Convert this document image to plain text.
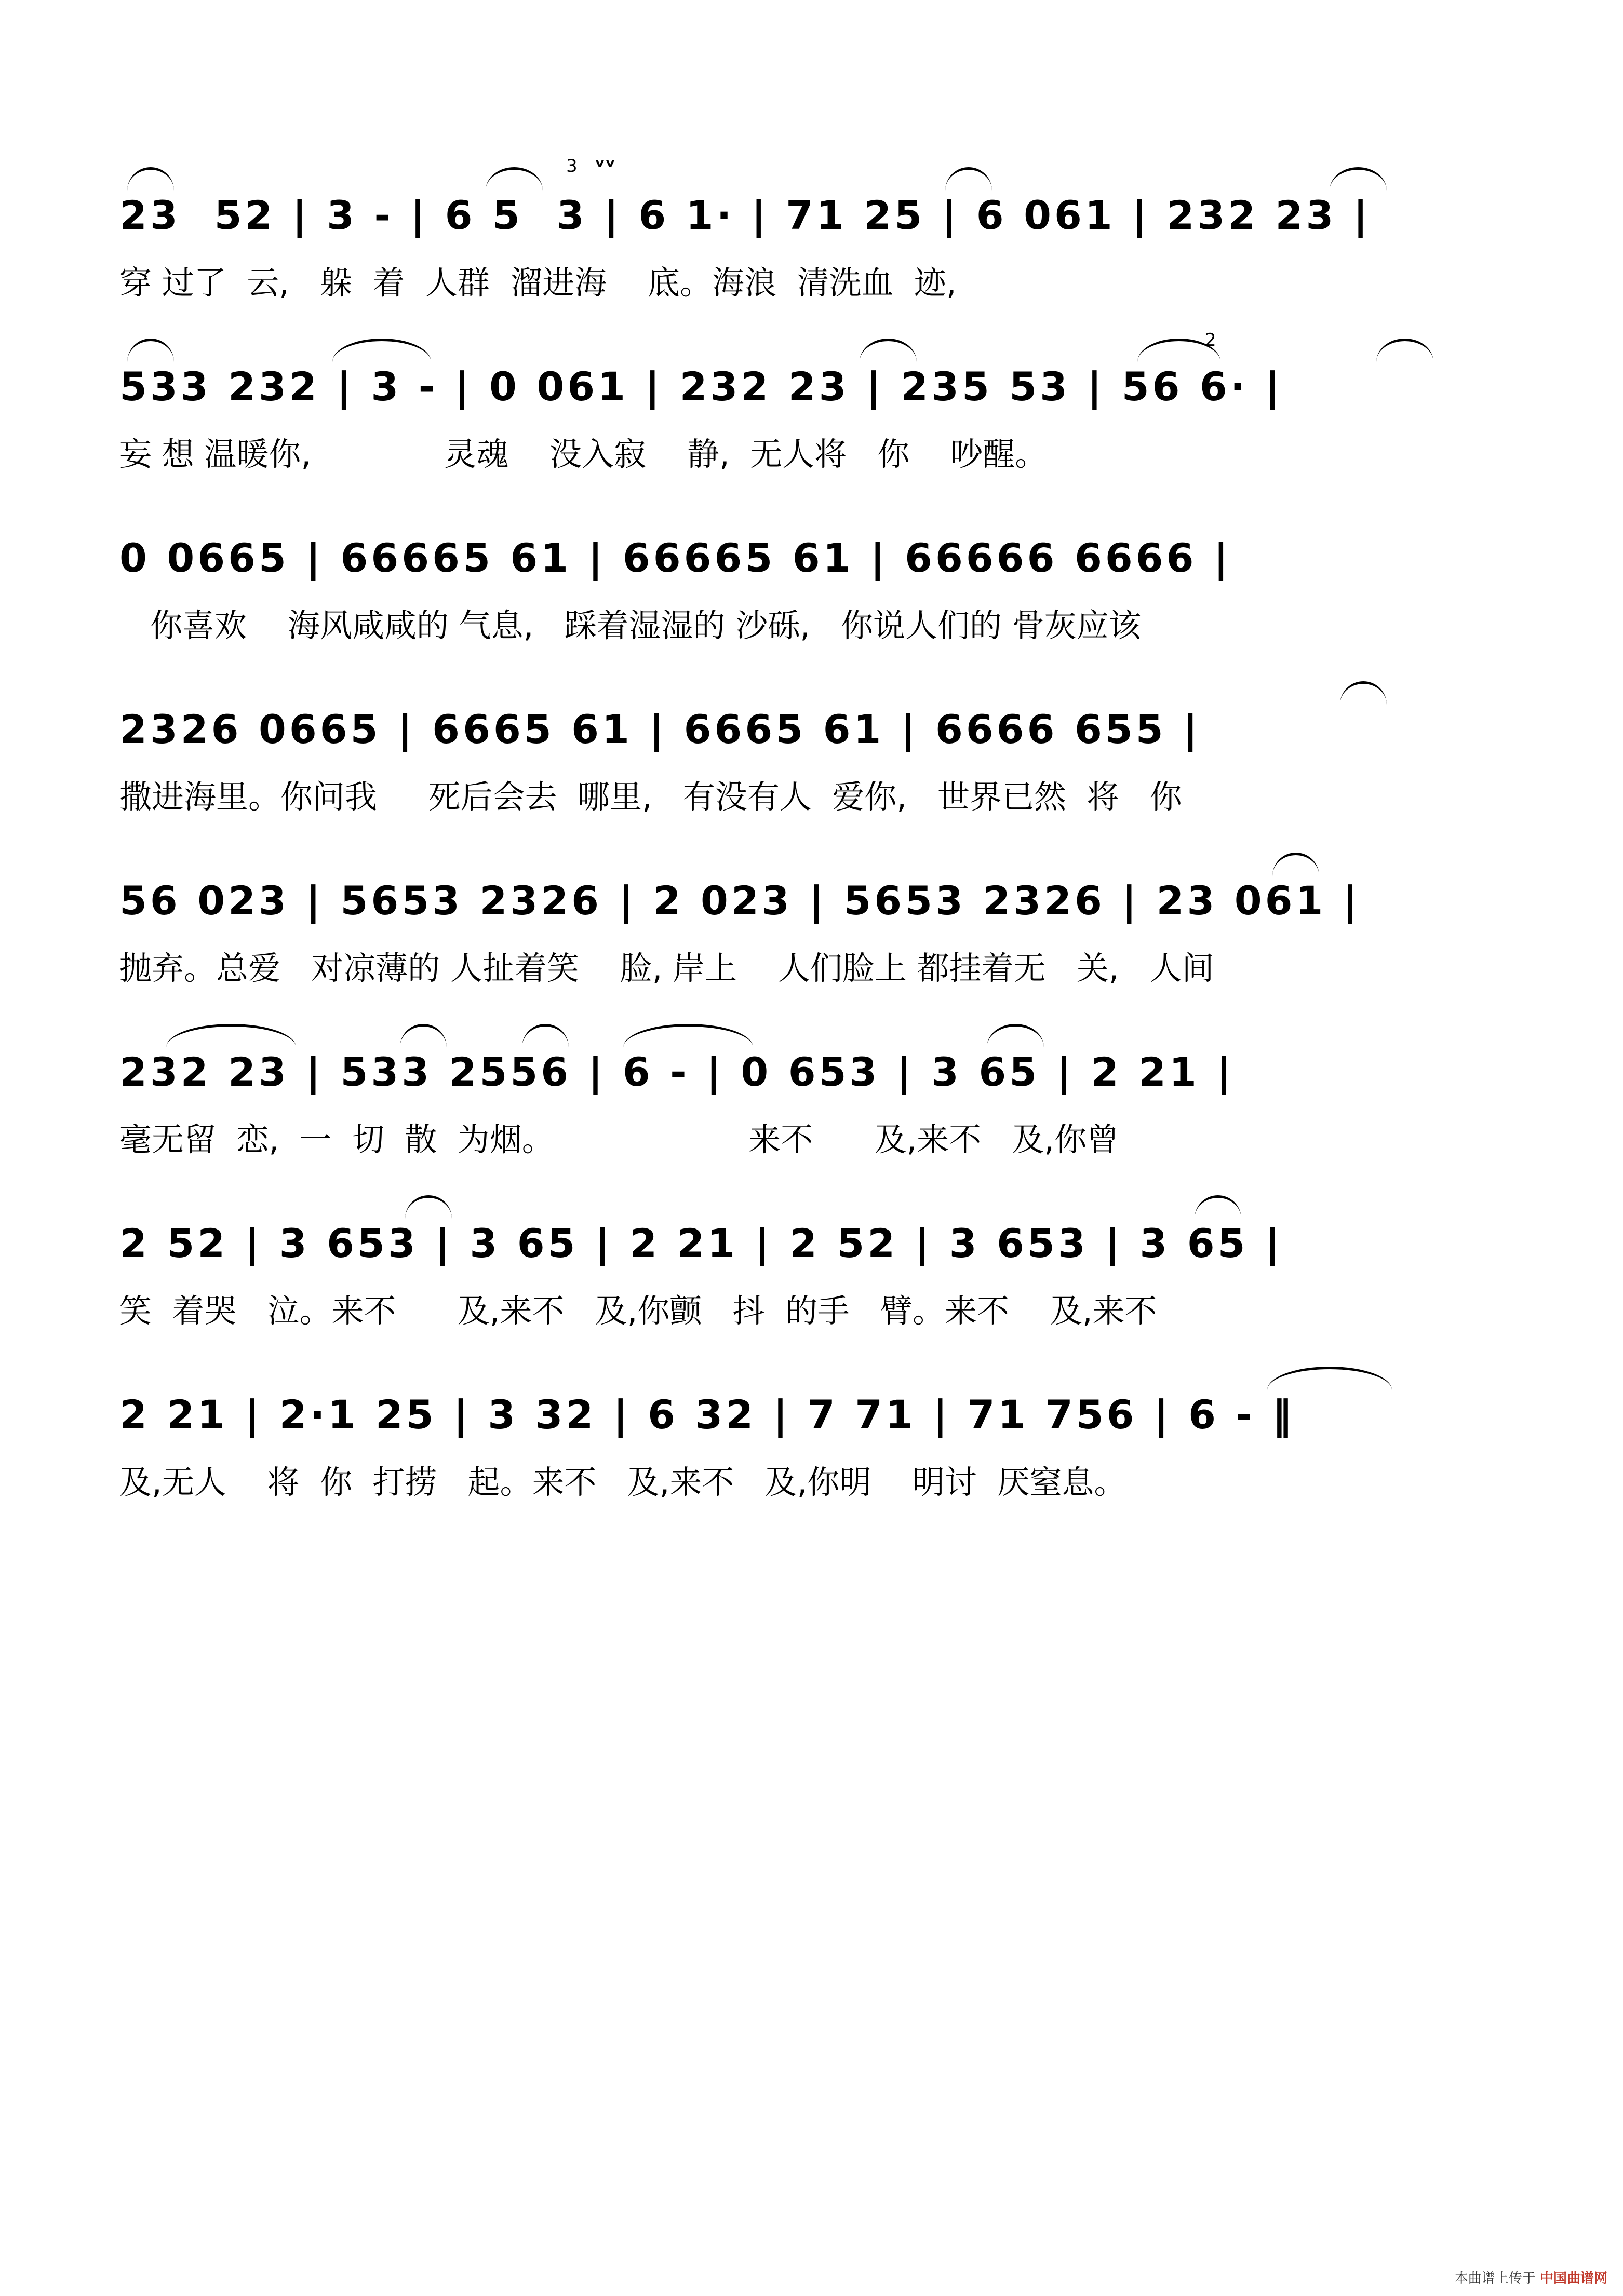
23  52 | 3 - | 6 5  3 | 6 1· | 71 25 | 6 061 | 232 23 |
穿 过了  云,   躲  着  人群  溜进海    底。海浪  清洗血  迹,
3 ᵛᵛ
533 232 | 3 - | 0 061 | 232 23 | 235 53 | 56 6· |
妄 想 温暖你,             灵魂    没入寂    静,  无人将   你    吵醒。
2
0 0665 | 66665 61 | 66665 61 | 66666 6666 |
你喜欢    海风咸咸的 气息,   踩着湿湿的 沙砾,   你说人们的 骨灰应该
2326 0665 | 6665 61 | 6665 61 | 6666 655 |
撒进海里。你问我     死后会去  哪里,   有没有人  爱你,   世界已然  将   你
56 023 | 5653 2326 | 2 023 | 5653 2326 | 23 061 |
抛弃。总爱   对凉薄的 人扯着笑    脸, 岸上    人们脸上 都挂着无   关,   人间
232 23 | 533 2556 | 6 - | 0 653 | 3 65 | 2 21 |
毫无留  恋,  一  切  散  为烟。                   来不      及,来不   及,你曾
2 52 | 3 653 | 3 65 | 2 21 | 2 52 | 3 653 | 3 65 |
笑  着哭   泣。来不      及,来不   及,你颤   抖  的手   臂。来不    及,来不
2 21 | 2·1 25 | 3 32 | 6 32 | 7 71 | 71 756 | 6 - ‖
及,无人    将  你  打捞   起。来不   及,来不   及,你明    明讨  厌窒息。
本曲谱上传于 中国曲谱网
